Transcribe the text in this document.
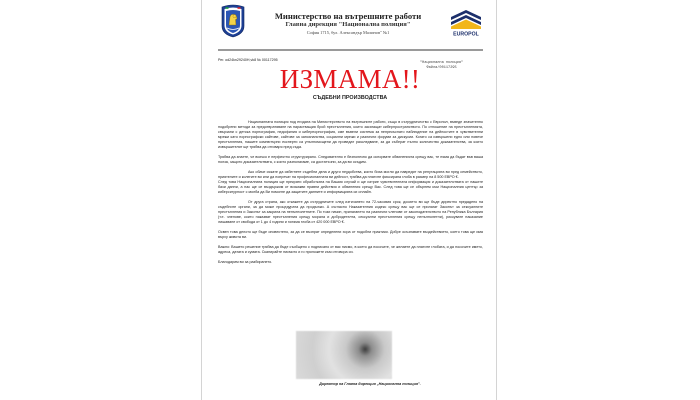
Министерство на вътрешните работи
Главна дирекция "Национална полиция"
София 1715, бул. Александър Малинов" №1	EUROPOL
Рег. od24kn29240H,vk8 № 00117295
"Национална полиция"
Файла/00117295
ИЗМАМА!!
СЪДЕБНИ ПРОИЗВОДСТВА

Националната полиция под егидата на Министерството на вътрешните работи, също в сътрудничество с Европол, въведе значително подобрени методи за предотвратяване на нарастващия брой престъпления, които засягащат киберпространството. По отношение на престъпленията, свързани с детска порнография, педофилия и киберпорнография, сме въвели система за непрекъснато наблюдение на дейностите в чувствителни мрежи като порнографски сайтове, сайтове за запознанства, социални мрежи и различни форуми за дискусии. Когато са извършени едно или повече престъпления, нашите компютърни експерти са упълномощени да проведат разследване, за да съберат пълно количество доказателства, за които извършителят ще трябва да отговаря пред съда.

Трябва да знаете, че всичко е перфектно структурирано. Следователно е безполезно да оспорвате обвиненията срещу вас, те няма да бъдат във ваша полза, защото доказателствата, с които разполагаме, са достатъчни, за да ви осъдим.

Ако обаче искате да избегнете съдебни дела и други неудобства, които биха могли да навредят на репутацията ви пред семейството, приятелите и колегите ви или да попречат на професионалната ви дейност, трябва да платите фиксирана глоба в размер на 8 500 ЕВРО €.

След това Националната полиция ще прекрати обработката на Вашия случай и ще изтрие чувствителната информация и доказателствата от нашите бази данни, а нас ще се въздържим от всякакви правни действия и обвинения срещу Вас. След това ще се обърнем към Националния център за киберсигурност с молба да Ви помогне да защитите данните и информацията си онлайн.

От друга страна, ако откажете да сътрудничите след изтичането на 72-часовия срок, досието ви ще бъде директно предадено на съдебните органи, за да може процедурата да продължи. А съгласно Наказателния кодекс срещу вас ще се прилагат Законът за сексуалните престъпления и Законът за закрила на непълнолетните. По този начин, прилагането на различни членове от законодателството на Република България (т.е. членове, които наказват престъпления срещу морала и добродетелта, сексуални престъпления срещу непълнолетни), рискувате наказание лишаване от свобода от 1 до 4 години и голяма глоба от 420 000 ЕВРО €.

Освен това делото ще бъде оповестено, за да се възпрат определени хора от подобни практики. Добре осъзнавате въздействието, което това ще има върху живота ви.

Важно: Вашето решение трябва да бъде съобщено с подписано от вас писмо, в което да посочите, че желаете да платите глобата, и да посочите името, адреса, датата и сумата. Сканирайте писмото и го приложете към отговора си.

Благодарим ви за разбирането.

Директор на Главна дирекция „Национална полиция".
